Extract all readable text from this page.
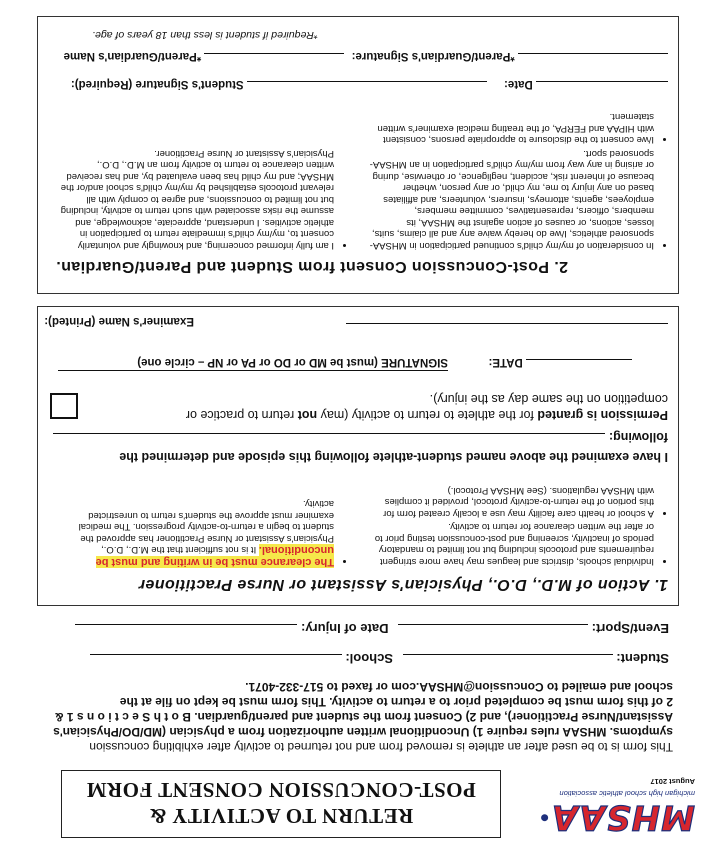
RETURN TO ACTIVITY &
POST-CONCUSSION CONSENT FORM
MHSAA®
michigan high school athletic association
August 2017

This form is to be used after an athlete is removed from and not returned to activity after exhibiting concussion

symptoms. MHSAA rules require 1) Unconditional written authorization from a physician (MD/DO/Physician's

Assistant/Nurse Practitioner), and 2) Consent from the student and parent/guardian. B o t h S e c t i o n s 1 &

2 of this form must be completed prior to a return to activity. This form must be kept on file at the

school and emailed to Concussion@MHSAA.com or faxed to 517-332-4071.

Student:  School:
Event/Sport:  Date of Injury:
1. Action of M.D., D.O., Physician's Assistant or Nurse Practitioner
• Individual schools, districts and leagues may have more stringent requirements and protocols including but not limited to mandatory periods of inactivity, screening and post-concussion testing prior to or after the written clearance for return to activity.
• A school or health care facility may use a locally created form for this portion of the return-to-activity protocol, provided it complies with MHSAA regulations. (See MHSAA Protocol.)
• The clearance must be in writing and must be unconditional. It is not sufficient that the M.D., D.O., Physician's Assistant or Nurse Practitioner has approved the student to begin a return-to-activity progression. The medical examiner must approve the student's return to unrestricted activity.
I have examined the above named student-athlete following this episode and determined the
following:
Permission is granted for the athlete to return to activity (may not return to practice or
competition on the same day as the injury).
DATE:
SIGNATURE (must be MD or DO or PA or NP – circle one)
Examiner's Name (Printed):
2. Post-Concussion Consent from Student and Parent/Guardian.
• In consideration of my/my child's continued participation in MHSAA-sponsored athletics, I/we do hereby waive any and all claims, suits, losses, actions, or causes of action against the MHSAA, its members, officers, representatives, committee members, employees, agents, attorneys, insurers, volunteers, and affiliates based on any injury to me, my child, or any person, whether because of inherent risk, accident, negligence, or otherwise, during or arising in any way from my/my child's participation in an MHSAA-sponsored sport.
• I/we consent to the disclosure to appropriate persons, consistent with HIPAA and FERPA, of the treating medical examiner's written statement.
• I am fully informed concerning, and knowingly and voluntarily consent to, my/my child's immediate return to participation in athletic activities. I understand, appreciate, acknowledge, and assume the risks associated with such return to activity, including but not limited to concussions, and agree to comply with all relevant protocols established by my/my child's school and/or the MHSAA; and my child has been evaluated by, and has received written clearance to return to activity from an M.D., D.O., Physician's Assistant or Nurse Practitioner.
Date:  Student's Signature (Required):
*Parent/Guardian's Signature:  *Parent/Guardian's Name
*Required if student is less than 18 years of age.
